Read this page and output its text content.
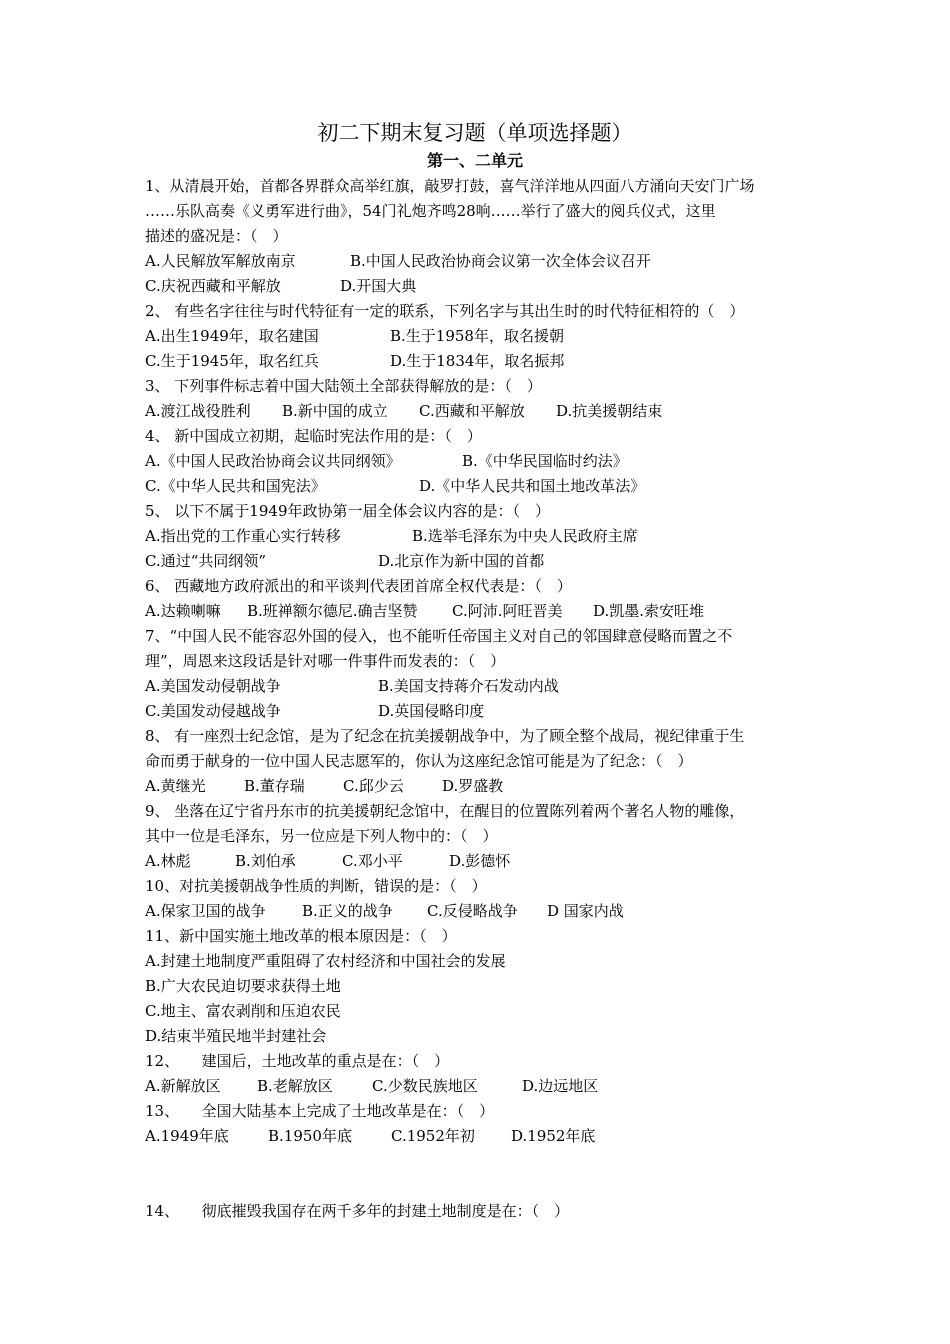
初二下期末复习题（单项选择题）
第一、二单元
1、从清晨开始，首都各界群众高举红旗，敲罗打鼓，喜气洋洋地从四面八方涌向天安门广场
……乐队高奏《义勇军进行曲》，54门礼炮齐鸣28响……举行了盛大的阅兵仪式，这里
描述的盛况是：（　）
A.人民解放军解放南京	B.中国人民政治协商会议第一次全体会议召开
C.庆祝西藏和平解放	D.开国大典
2、 有些名字往往与时代特征有一定的联系，下列名字与其出生时的时代特征相符的（　）
A.出生1949年，取名建国	B.生于1958年，取名援朝
C.生于1945年，取名红兵	D.生于1834年，取名振邦
3、 下列事件标志着中国大陆领土全部获得解放的是：（　）
A.渡江战役胜利 B.新中国的成立 C.西藏和平解放 D.抗美援朝结束
4、 新中国成立初期，起临时宪法作用的是：（　）
A.《中国人民政治协商会议共同纲领》	B.《中华民国临时约法》
C.《中华人民共和国宪法》	D.《中华人民共和国土地改革法》
5、 以下不属于1949年政协第一届全体会议内容的是：（　）
A.指出党的工作重心实行转移	B.选举毛泽东为中央人民政府主席
C.通过“共同纲领”	D.北京作为新中国的首都
6、 西藏地方政府派出的和平谈判代表团首席全权代表是：（　）
A.达赖喇嘛 B.班禅额尔德尼.确吉坚赞 C.阿沛.阿旺晋美 D.凯墨.索安旺堆
7、“中国人民不能容忍外国的侵入，也不能听任帝国主义对自己的邻国肆意侵略而置之不
理”，周恩来这段话是针对哪一件事件而发表的：（　）
A.美国发动侵朝战争	B.美国支持蒋介石发动内战
C.美国发动侵越战争	D.英国侵略印度
8、 有一座烈士纪念馆，是为了纪念在抗美援朝战争中，为了顾全整个战局，视纪律重于生
命而勇于献身的一位中国人民志愿军的，你认为这座纪念馆可能是为了纪念：（　）
A.黄继光	B.董存瑞	C.邱少云	D.罗盛教
9、 坐落在辽宁省丹东市的抗美援朝纪念馆中，在醒目的位置陈列着两个著名人物的雕像，
其中一位是毛泽东，另一位应是下列人物中的：（　）
A.林彪	B.刘伯承	C.邓小平	D.彭德怀
10、对抗美援朝战争性质的判断，错误的是：（　）
A.保家卫国的战争 B.正义的战争 C.反侵略战争 D 国家内战
11、新中国实施土地改革的根本原因是：（　）
A.封建土地制度严重阻碍了农村经济和中国社会的发展
B.广大农民迫切要求获得土地
C.地主、富农剥削和压迫农民
D.结束半殖民地半封建社会
12、　　建国后，土地改革的重点是在：（　）
A.新解放区 B.老解放区	C.少数民族地区	D.边远地区
13、　　全国大陆基本上完成了土地改革是在：（　）
A.1949年底	B.1950年底	C.1952年初 D.1952年底
14、　　彻底摧毁我国存在两千多年的封建土地制度是在：（　）
